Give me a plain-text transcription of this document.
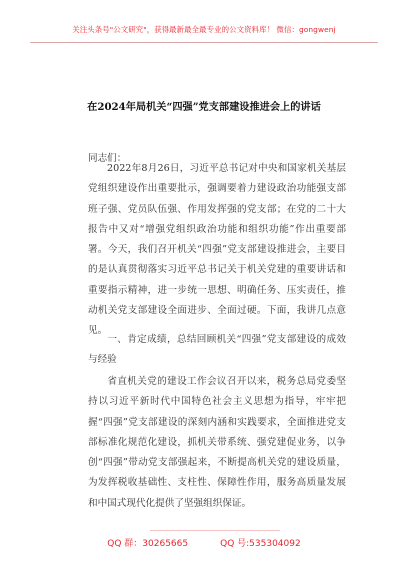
关注头条号"公文研究"，获得最新最全最专业的公文资料库！ 微信：gongwenj
在2024年局机关“四强”党支部建设推进会上的讲话
同志们：
2022年8月26日，习近平总书记对中央和国家机关基层党组织建设作出重要批示，强调要着力建设政治功能强支部班子强、党员队伍强、作用发挥强的党支部；在党的二十大报告中又对“增强党组织政治功能和组织功能”作出重要部署。今天，我们召开机关“四强”党支部建设推进会，主要目的是认真贯彻落实习近平总书记关于机关党建的重要讲话和重要指示精神，进一步统一思想、明确任务、压实责任，推动机关党支部建设全面进步、全面过硬。下面，我讲几点意见。
一、肯定成绩，总结回顾机关“四强”党支部建设的成效与经验
省直机关党的建设工作会议召开以来，税务总局党委坚持以习近平新时代中国特色社会主义思想为指导，牢牢把握“四强”党支部建设的深刻内涵和实践要求，全面推进党支部标准化规范化建设，抓机关带系统、强党建促业务，以争创“四强”带动党支部强起来，不断提高机关党的建设质量，为发挥税收基础性、支柱性、保障性作用，服务高质量发展和中国式现代化提供了坚强组织保证。
QQ 群：30265665	QQ 号:535304092
